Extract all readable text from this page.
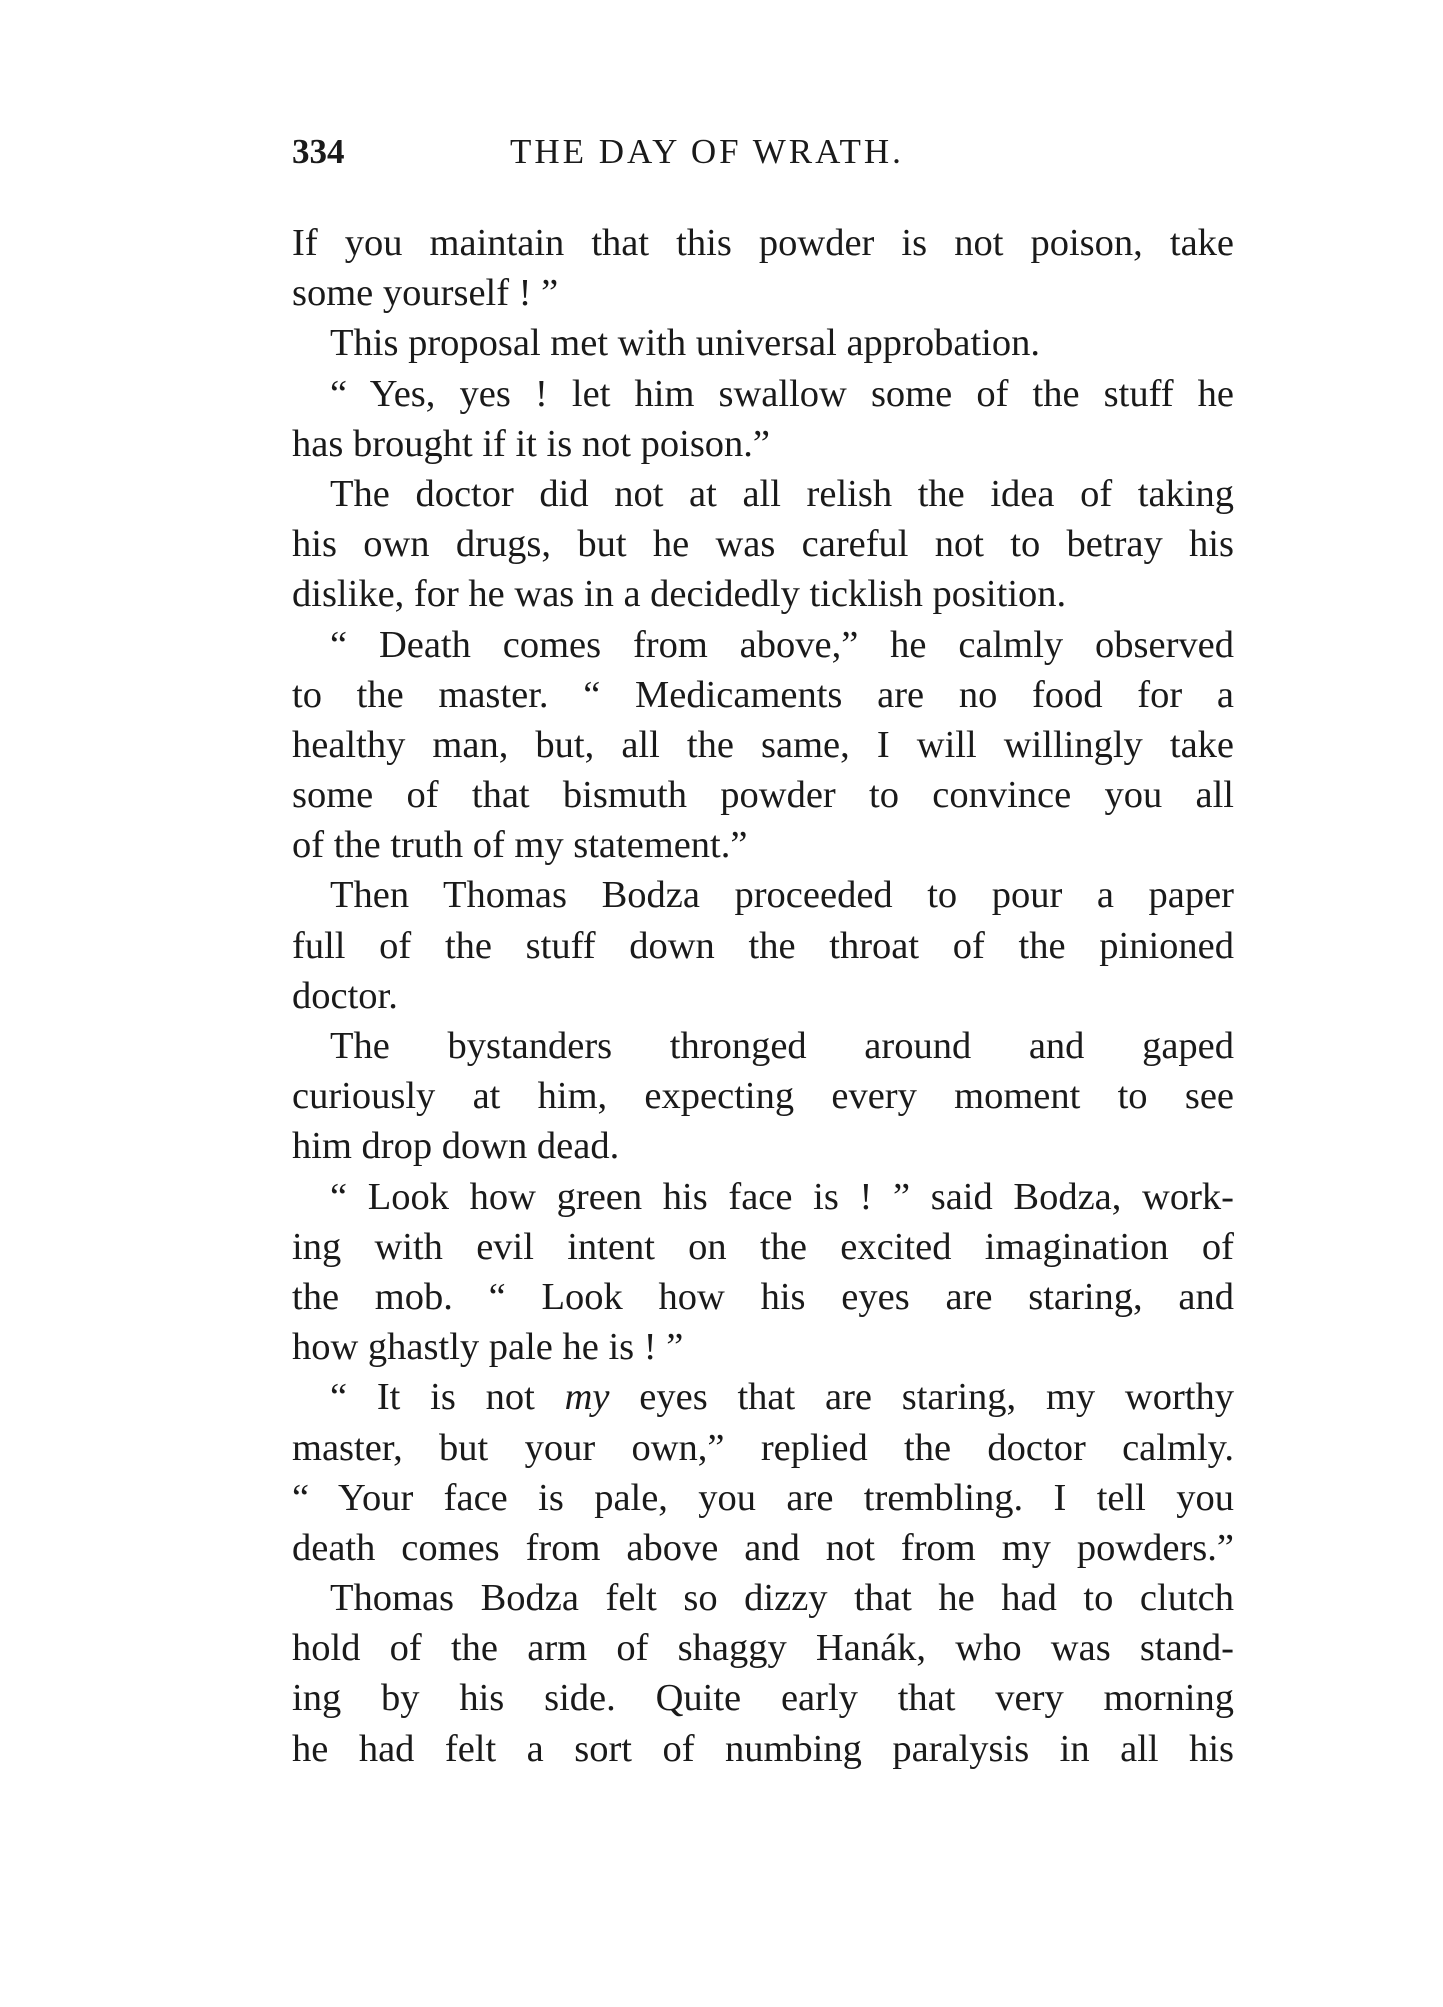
334	THE DAY OF WRATH.
If you maintain that this powder is not poison, take
some yourself ! ”
This proposal met with universal approbation.
“ Yes, yes ! let him swallow some of the stuff he
has brought if it is not poison.”
The doctor did not at all relish the idea of taking
his own drugs, but he was careful not to betray his
dislike, for he was in a decidedly ticklish position.
“ Death comes from above,” he calmly observed
to the master. “ Medicaments are no food for a
healthy man, but, all the same, I will willingly take
some of that bismuth powder to convince you all
of the truth of my statement.”
Then Thomas Bodza proceeded to pour a paper
full of the stuff down the throat of the pinioned
doctor.
The bystanders thronged around and gaped
curiously at him, expecting every moment to see
him drop down dead.
“ Look how green his face is ! ” said Bodza, work-
ing with evil intent on the excited imagination of
the mob. “ Look how his eyes are staring, and
how ghastly pale he is ! ”
“ It is not my eyes that are staring, my worthy
master, but your own,” replied the doctor calmly.
“ Your face is pale, you are trembling. I tell you
death comes from above and not from my powders.”
Thomas Bodza felt so dizzy that he had to clutch
hold of the arm of shaggy Hanák, who was stand-
ing by his side. Quite early that very morning
he had felt a sort of numbing paralysis in all his
